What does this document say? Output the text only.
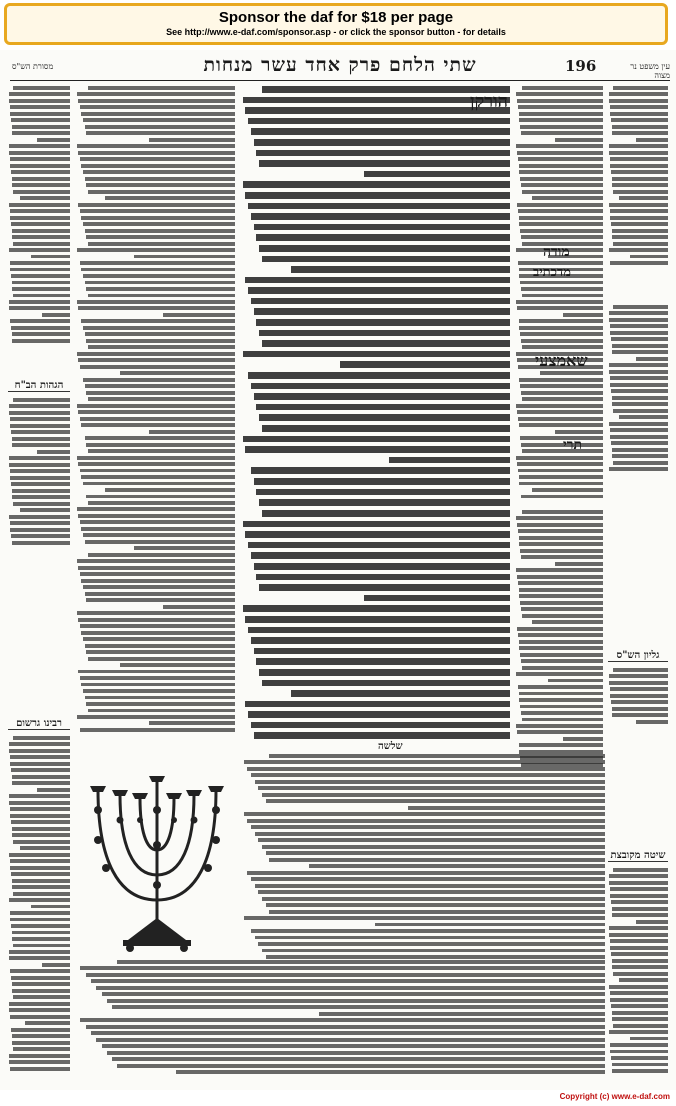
Sponsor the daf for $18 per page
See http://www.e-daf.com/sponsor.asp - or click the sponsor button - for details
מסורת הש"ס	שתי הלחם פרק אחד עשר מנחות	196	עין משפט נר מצוה
הגהות הב"ח
גליון הש"ס
רבינו גרשום
שיטה מקובצת
הורקן
מודה
מדכתיב
שאמצעי
תרי
שלשה
Copyright (c) www.e-daf.com
